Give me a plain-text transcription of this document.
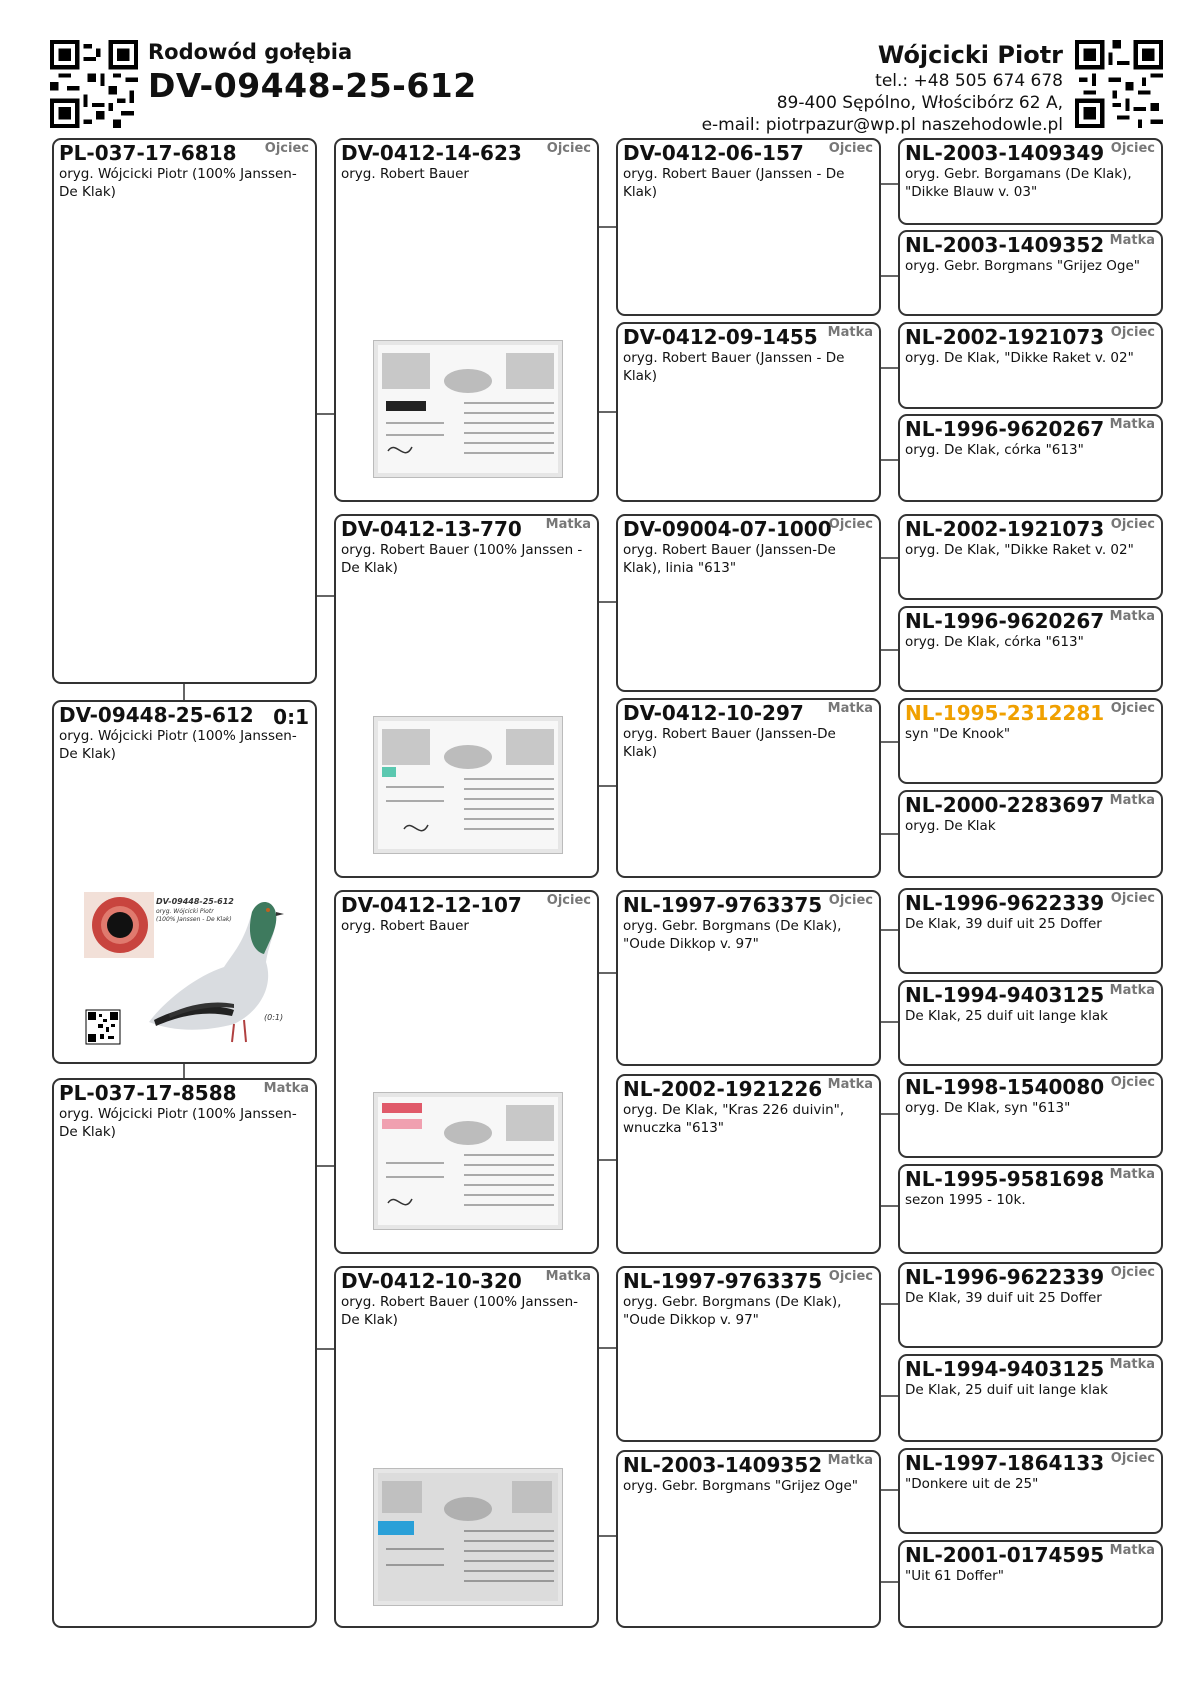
Rodowód gołębia
DV-09448-25-612
Wójcicki Piotr
tel.: +48 505 674 678
89-400 Sępólno, Włościbórz 62 A,
e-mail: piotrpazur@wp.pl naszehodowle.pl
PL-037-17-6818 Ojciec
oryg. Wójcicki Piotr (100% Janssen-De Klak)
DV-09448-25-612 0:1
oryg. Wójcicki Piotr (100% Janssen-De Klak)
DV-09448-25-612
oryg. Wójcicki Piotr
(100% Janssen - De Klak)
(0:1)
PL-037-17-8588 Matka
oryg. Wójcicki Piotr (100% Janssen-De Klak)
DV-0412-14-623 Ojciec
oryg. Robert Bauer
DV-0412-13-770 Matka
oryg. Robert Bauer (100% Janssen - De Klak)
DV-0412-12-107 Ojciec
oryg. Robert Bauer
DV-0412-10-320 Matka
oryg. Robert Bauer (100% Janssen-De Klak)
DV-0412-06-157 Ojciec
oryg. Robert Bauer (Janssen - De Klak)
DV-0412-09-1455 Matka
oryg. Robert Bauer (Janssen - De Klak)
DV-09004-07-1000
Ojciec
oryg. Robert Bauer (Janssen-De Klak), linia "613"
DV-0412-10-297 Matka
oryg. Robert Bauer (Janssen-De Klak)
NL-1997-9763375 Ojciec
oryg. Gebr. Borgmans (De Klak), "Oude Dikkop v. 97"
NL-2002-1921226 Matka
oryg. De Klak, "Kras 226 duivin", wnuczka "613"
NL-1997-9763375 Ojciec
oryg. Gebr. Borgmans (De Klak), "Oude Dikkop v. 97"
NL-2003-1409352 Matka
oryg. Gebr. Borgmans "Grijez Oge"
NL-2003-1409349 Ojciec
oryg. Gebr. Borgamans (De Klak), "Dikke Blauw v. 03"
NL-2003-1409352 Matka
oryg. Gebr. Borgmans "Grijez Oge"
NL-2002-1921073 Ojciec
oryg. De Klak, "Dikke Raket v. 02"
NL-1996-9620267 Matka
oryg. De Klak, córka "613"
NL-2002-1921073 Ojciec
oryg. De Klak, "Dikke Raket v. 02"
NL-1996-9620267 Matka
oryg. De Klak, córka "613"
NL-1995-2312281 Ojciec
syn "De Knook"
NL-2000-2283697 Matka
oryg. De Klak
NL-1996-9622339 Ojciec
De Klak, 39 duif uit 25 Doffer
NL-1994-9403125 Matka
De Klak, 25 duif uit lange klak
NL-1998-1540080 Ojciec
oryg. De Klak, syn "613"
NL-1995-9581698 Matka
sezon 1995 - 10k.
NL-1996-9622339 Ojciec
De Klak, 39 duif uit 25 Doffer
NL-1994-9403125 Matka
De Klak, 25 duif uit lange klak
NL-1997-1864133 Ojciec
"Donkere uit de 25"
NL-2001-0174595 Matka
"Uit 61 Doffer"
